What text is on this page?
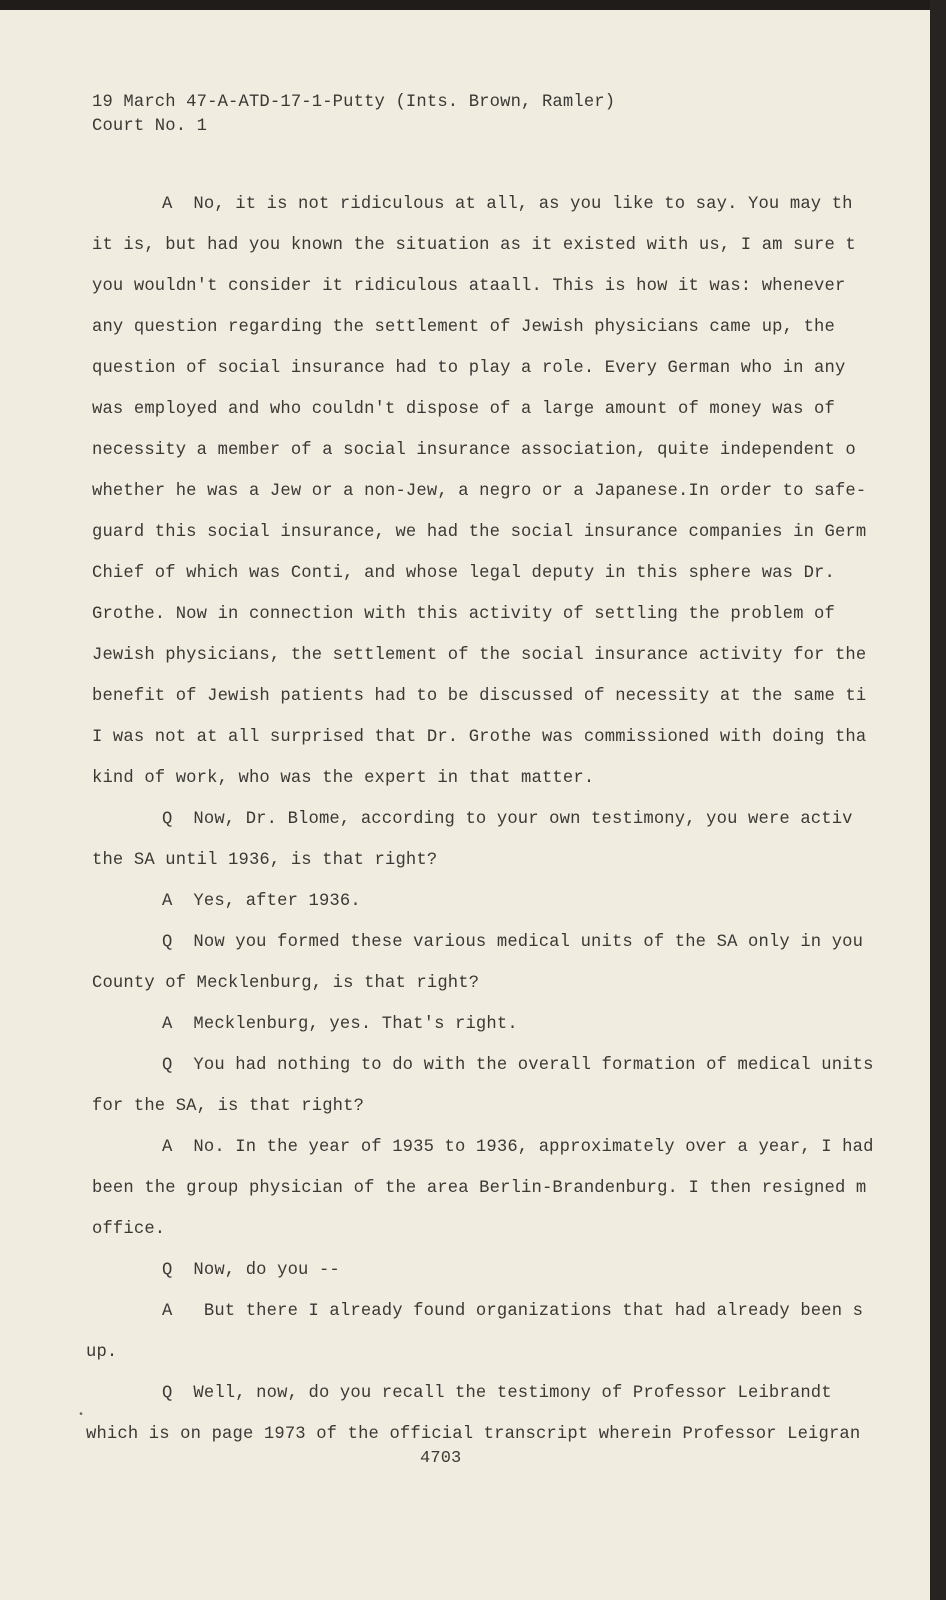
19 March 47-A-ATD-17-1-Putty (Ints. Brown, Ramler)
Court No. 1
A  No, it is not ridiculous at all, as you like to say. You may th
it is, but had you known the situation as it existed with us, I am sure t
you wouldn't consider it ridiculous ataall. This is how it was: whenever
any question regarding the settlement of Jewish physicians came up, the
question of social insurance had to play a role. Every German who in any
was employed and who couldn't dispose of a large amount of money was of
necessity a member of a social insurance association, quite independent o
whether he was a Jew or a non-Jew, a negro or a Japanese.In order to safe-
guard this social insurance, we had the social insurance companies in Germ
Chief of which was Conti, and whose legal deputy in this sphere was Dr.
Grothe. Now in connection with this activity of settling the problem of
Jewish physicians, the settlement of the social insurance activity for the
benefit of Jewish patients had to be discussed of necessity at the same ti
I was not at all surprised that Dr. Grothe was commissioned with doing tha
kind of work, who was the expert in that matter.
Q  Now, Dr. Blome, according to your own testimony, you were activ
the SA until 1936, is that right?
A  Yes, after 1936.
Q  Now you formed these various medical units of the SA only in you
County of Mecklenburg, is that right?
A  Mecklenburg, yes. That's right.
Q  You had nothing to do with the overall formation of medical units
for the SA, is that right?
A  No. In the year of 1935 to 1936, approximately over a year, I had
been the group physician of the area Berlin-Brandenburg. I then resigned m
office.
Q  Now, do you --
A   But there I already found organizations that had already been s
up.
Q  Well, now, do you recall the testimony of Professor Leibrandt
•
which is on page 1973 of the official transcript wherein Professor Leigran
4703
